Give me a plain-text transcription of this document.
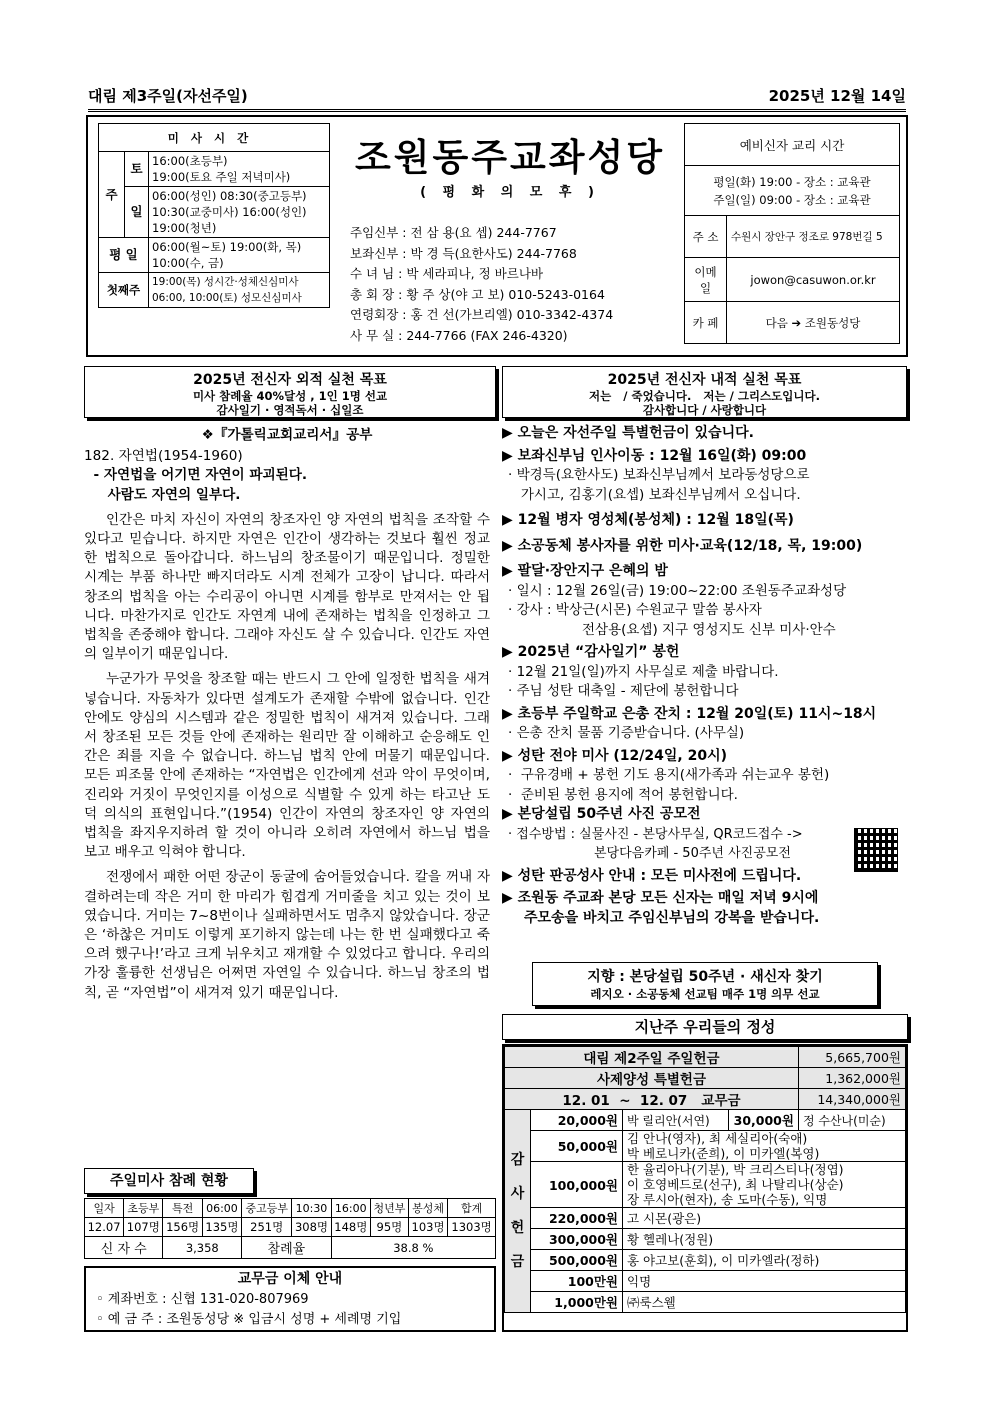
대림 제3주일(자선주일)	2025년 12월 14일
미사시간		
주	토	16:00(초등부)
19:00(토요 주일 저녁미사)

	일	06:00(성인) 08:30(중고등부)
10:30(교중미사) 16:00(성인)
19:00(청년)

평 일		06:00(월~토) 19:00(화, 목)
10:00(수, 금)

첫째주		19:00(목) 성시간·성체신심미사
06:00, 10:00(토) 성모신심미사
조원동주교좌성당
( 평 화 의 모 후 )
주임신부 : 전 삼 용(요 셉) 244-7767
보좌신부 : 박 경 득(요한사도) 244-7768
수 녀 님 : 박 세라피나, 정 바르나바
총 회 장 : 황 주 상(야 고 보) 010-5243-0164
연령회장 : 홍 건 선(가브리엘) 010-3342-4374
사 무 실 : 244-7766 (FAX 246-4320)
예비신자 교리 시간	

평일(화) 19:00 - 장소 : 교육관
주일(일) 09:00 - 장소 : 교육관	

주 소	수원시 장안구 정조로 978번길 5
이메일	jowon@casuwon.or.kr
카 페	다음 ➔ 조원동성당
2025년 전신자 외적 실천 목표
미사 참례율 40%달성 , 1인 1명 선교
감사일기 · 영적독서 · 십일조
❖『가톨릭교회교리서』공부
182. 자연법(1954-1960)
- 자연법을 어기면 자연이 파괴된다.
사람도 자연의 일부다.
인간은 마치 자신이 자연의 창조자인 양 자연의 법칙을 조작할 수 있다고 믿습니다. 하지만 자연은 인간이 생각하는 것보다 훨씬 정교한 법칙으로 돌아갑니다. 하느님의 창조물이기 때문입니다. 정밀한 시계는 부품 하나만 빠지더라도 시계 전체가 고장이 납니다. 따라서 창조의 법칙을 아는 수리공이 아니면 시계를 함부로 만져서는 안 됩니다. 마찬가지로 인간도 자연계 내에 존재하는 법칙을 인정하고 그 법칙을 존중해야 합니다. 그래야 자신도 살 수 있습니다. 인간도 자연의 일부이기 때문입니다.
누군가가 무엇을 창조할 때는 반드시 그 안에 일정한 법칙을 새겨넣습니다. 자동차가 있다면 설계도가 존재할 수밖에 없습니다. 인간 안에도 양심의 시스템과 같은 정밀한 법칙이 새겨져 있습니다. 그래서 창조된 모든 것들 안에 존재하는 원리만 잘 이해하고 순응해도 인간은 죄를 지을 수 없습니다. 하느님 법칙 안에 머물기 때문입니다. 모든 피조물 안에 존재하는 “자연법은 인간에게 선과 악이 무엇이며, 진리와 거짓이 무엇인지를 이성으로 식별할 수 있게 하는 타고난 도덕 의식의 표현입니다.”(1954) 인간이 자연의 창조자인 양 자연의 법칙을 좌지우지하려 할 것이 아니라 오히려 자연에서 하느님 법을 보고 배우고 익혀야 합니다.
전쟁에서 패한 어떤 장군이 동굴에 숨어들었습니다. 칼을 꺼내 자결하려는데 작은 거미 한 마리가 힘겹게 거미줄을 치고 있는 것이 보였습니다. 거미는 7~8번이나 실패하면서도 멈추지 않았습니다. 장군은 ‘하찮은 거미도 이렇게 포기하지 않는데 나는 한 번 실패했다고 죽으려 했구나!’라고 크게 뉘우치고 재개할 수 있었다고 합니다. 우리의 가장 훌륭한 선생님은 어쩌면 자연일 수 있습니다. 하느님 창조의 법칙, 곧 “자연법”이 새겨져 있기 때문입니다.
주일미사 참례 현황
일자	초등부	특전	06:00	중고등부	10:30	16:00	청년부	봉성체	합계
12.07	107명	156명	135명	251명	308명	148명	95명	103명	1303명
신 자 수		3,358		참례율		38.8 %			
교무금 이체 안내
◦ 계좌번호 : 신협 131-020-807969
◦ 예 금 주 : 조원동성당 ※ 입금시 성명 + 세례명 기입
2025년 전신자 내적 실천 목표
저는   / 죽었습니다.   저는 / 그리스도입니다.
감사합니다 / 사랑합니다
▶ 오늘은 자선주일 특별헌금이 있습니다.
▶ 보좌신부님 인사이동 : 12월 16일(화) 09:00
· 박경득(요한사도) 보좌신부님께서 보라동성당으로
가시고, 김홍기(요셉) 보좌신부님께서 오십니다.
▶ 12월 병자 영성체(봉성체) : 12월 18일(목)
▶ 소공동체 봉사자를 위한 미사·교육(12/18, 목, 19:00)
▶ 팔달·장안지구 은혜의 밤
· 일시 : 12월 26일(금) 19:00~22:00 조원동주교좌성당
· 강사 : 박상근(시몬) 수원교구 말씀 봉사자
전삼용(요셉) 지구 영성지도 신부 미사·안수
▶ 2025년 “감사일기” 봉헌
· 12월 21일(일)까지 사무실로 제출 바랍니다.
· 주님 성탄 대축일 - 제단에 봉헌합니다
▶ 초등부 주일학교 은총 잔치 : 12월 20일(토) 11시~18시
· 은총 잔치 물품 기증받습니다. (사무실)
▶ 성탄 전야 미사 (12/24일, 20시)
·  구유경배 + 봉헌 기도 용지(새가족과 쉬는교우 봉헌)
·  준비된 봉헌 용지에 적어 봉헌합니다.
▶ 본당설립 50주년 사진 공모전
· 접수방법 : 실물사진 - 본당사무실, QR코드접수 ->
본당다음카페 - 50주년 사진공모전
▶ 성탄 판공성사 안내 : 모든 미사전에 드립니다.
▶ 조원동 주교좌 본당 모든 신자는 매일 저녁 9시에
주모송을 바치고 주임신부님의 강복을 받습니다.
지향 : 본당설립 50주년 · 새신자 찾기
레지오 · 소공동체 선교팀 매주 1명 의무 선교
지난주 우리들의 정성
대림 제2주일 주일헌금				5,665,700원
사제양성 특별헌금				1,362,000원
12. 01  ~  12. 07   교무금				14,340,000원

감
사
헌
금	20,000원	박 릴리안(서연)	30,000원	정 수산나(미순)
	50,000원	김 안나(영자), 최 세실리아(숙애)
박 베로니카(준희), 이 미카엘(복영)		

	100,000원	한 율리아나(기분), 박 크리스티나(정엽)
이 호영베드로(선구), 최 나탈리나(상순)
장 루시아(현자), 송 도마(수동), 익명		

	220,000원	고 시몬(광은)		
	300,000원	황 헬레나(정원)		
	500,000원	홍 야고보(훈회), 이 미카엘라(정하)		
	100만원	익명		
	1,000만원	㈜룩스웰		
